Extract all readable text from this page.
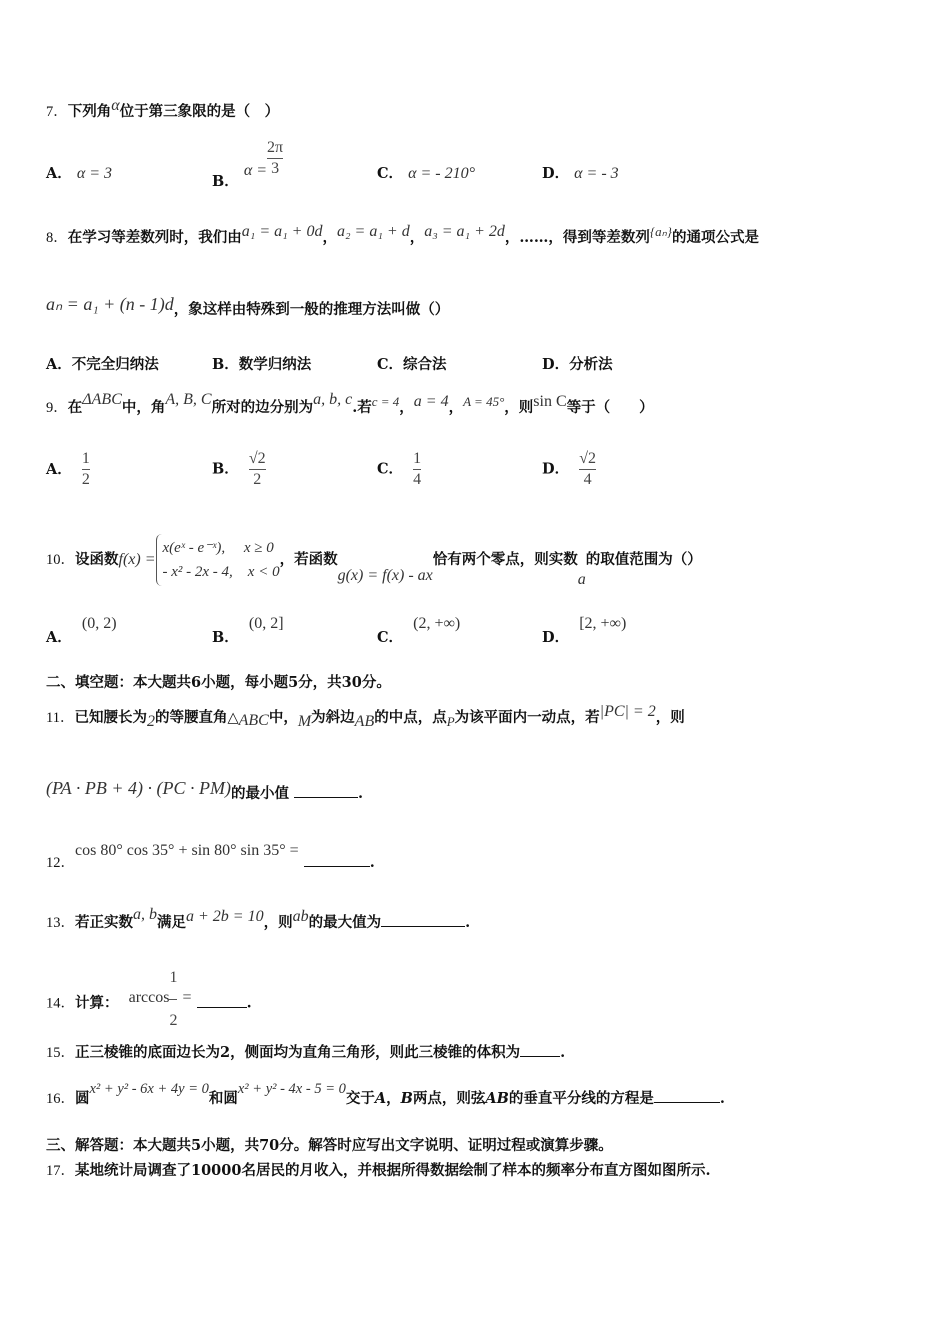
7．下列角α位于第三象限的是（　）
A． α = 3	B． $\alpha = \frac{2\pi}{3}$	C． α = - 210°	D． α = - 3
8．在学习等差数列时，我们由a₁ = a₁ + 0d，a₂ = a₁ + d，a₃ = a₁ + 2d，……，得到等差数列{aₙ}的通项公式是
aₙ = a₁ + (n - 1)d，象这样由特殊到一般的推理方法叫做（）
A．不完全归纳法	B．数学归纳法	C．综合法	D．分析法
9．在ΔABC中，角A, B, C所对的边分别为a, b, c.若c = 4，a = 4，A = 45°，则sin C等于（　　）
A． $\frac{1}{2}$	B． $\frac{√2}{2}$	C． $\frac{1}{4}$	D． $\frac{√2}{4}$
10．设函数f(x) =x(eˣ - e⁻ˣ),　 x ≥ 0
- x² - 2x - 4,　x < 0，若函数g(x) = f(x) - ax恰有两个零点，则实数a的取值范围为（）
A．  (0, 2)
B．  (0, 2]
C．  (2, +∞)
D．  [2, +∞)
二、填空题：本大题共6小题，每小题5分，共30分。
11．已知腰长为2的等腰直角△ABC中，M为斜边AB的中点，点P为该平面内一动点，若|PC| = 2，则
(PA · PB + 4) · (PC · PM)的最小值	.
12．cos 80° cos 35° + sin 80° sin 35° = .
13．若正实数a, b满足a + 2b = 10，则ab的最大值为	.
14．计算： $\arccos \frac{1}{2}$ =	.
15．正三棱锥的底面边长为2，侧面均为直角三角形，则此三棱锥的体积为	.
16．圆x² + y² - 6x + 4y = 0和圆x² + y² - 4x - 5 = 0交于A，B两点，则弦AB的垂直平分线的方程是	.
三、解答题：本大题共5小题，共70分。解答时应写出文字说明、证明过程或演算步骤。
17．某地统计局调查了10000名居民的月收入，并根据所得数据绘制了样本的频率分布直方图如图所示.
